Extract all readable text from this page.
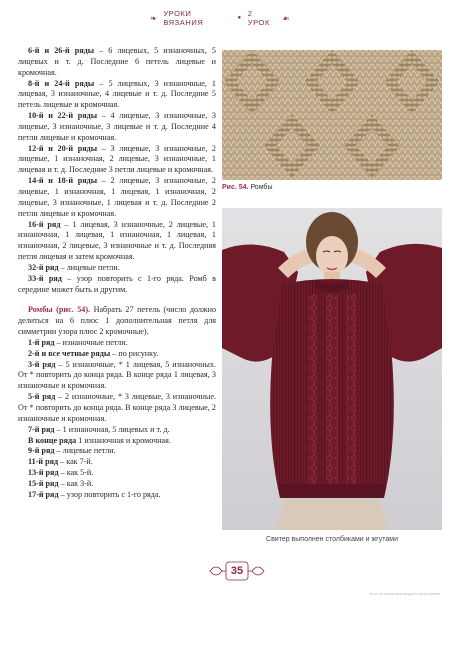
❧ УРОКИ ВЯЗАНИЯ	● 2 УРОК	☙

6-й и 26-й ряды – 6 лицевых, 5 изнаночных, 5 лицевых и т. д. Последние 6 петель лицевые и кромочная.

8-й и 24-й ряды – 5 лицевых, 3 изнаночные, 1 лицевая, 3 изнаночные, 4 лицевые и т. д. Последние 5 петель лицевые и кромочная.

10-й и 22-й ряды – 4 лицевые, 3 изнаночные, 3 лицевые, 3 изнаночные, 3 лицевые и т. д. Последние 4 петли лицевые и кромочная.

12-й и 20-й ряды – 3 лицевые, 3 изнаночные, 2 лицевые, 1 изнаночная, 2 лицевые, 3 изнаночные, 1 лицевая и т. д. Последние 3 петли лицевые и кромочная.

14-й и 18-й ряды – 2 лицевые, 3 изнаночные, 2 лицевые, 1 изнаночная, 1 лицевая, 1 изнаночная, 2 лицевые, 3 изнаночные, 1 лицевая и т. д. Последние 2 петли лицевые и кромочная.

16-й ряд – 1 лицевая, 3 изнаночные, 2 лицевые, 1 изнаночная, 1 лицевая, 1 изнаночная, 1 лицевая, 1 изнаночная, 2 лицевые, 3 изнаночные и т. д. Последняя петля лицевая и затем кромочная.

32-й ряд – лицевые петли.

33-й ряд – узор повторить с 1-го ряда. Ромб в середине может быть и другим.

Ромбы (рис. 54). Набрать 27 петель (число должно делиться на 6 плюс 1 дополнительная петля для симметрии узора плюс 2 кромочные).

1-й ряд – изнаночные петли.

2-й и все четные ряды – по рисунку.

3-й ряд – 5 изнаночные, * 1 лицевая, 5 изнаночных. От * повторить до конца ряда. В конце ряда 1 лицевая, 3 изнаночные и кромочная.

5-й ряд – 2 изнаночные, * 3 лицевые, 3 изнаночные. От * повторить до конца ряда. В конце ряда 3 лицевые, 2 изнаночные и кромочная.

7-й ряд – 1 изнаночная, 5 лицевых и т. д.

В конце ряда 1 изнаночная и кромочная.

9-й ряд – лицевые петли.

11-й ряд – как 7-й.

13-й ряд – как 5-й.

15-й ряд – как 3-й.

17-й ряд – узор повторить с 1-го ряда.

Рис. 54. Ромбы
Свитер выполнен столбиками и жгутами
35
Фото из смены пригородного фото-архива
